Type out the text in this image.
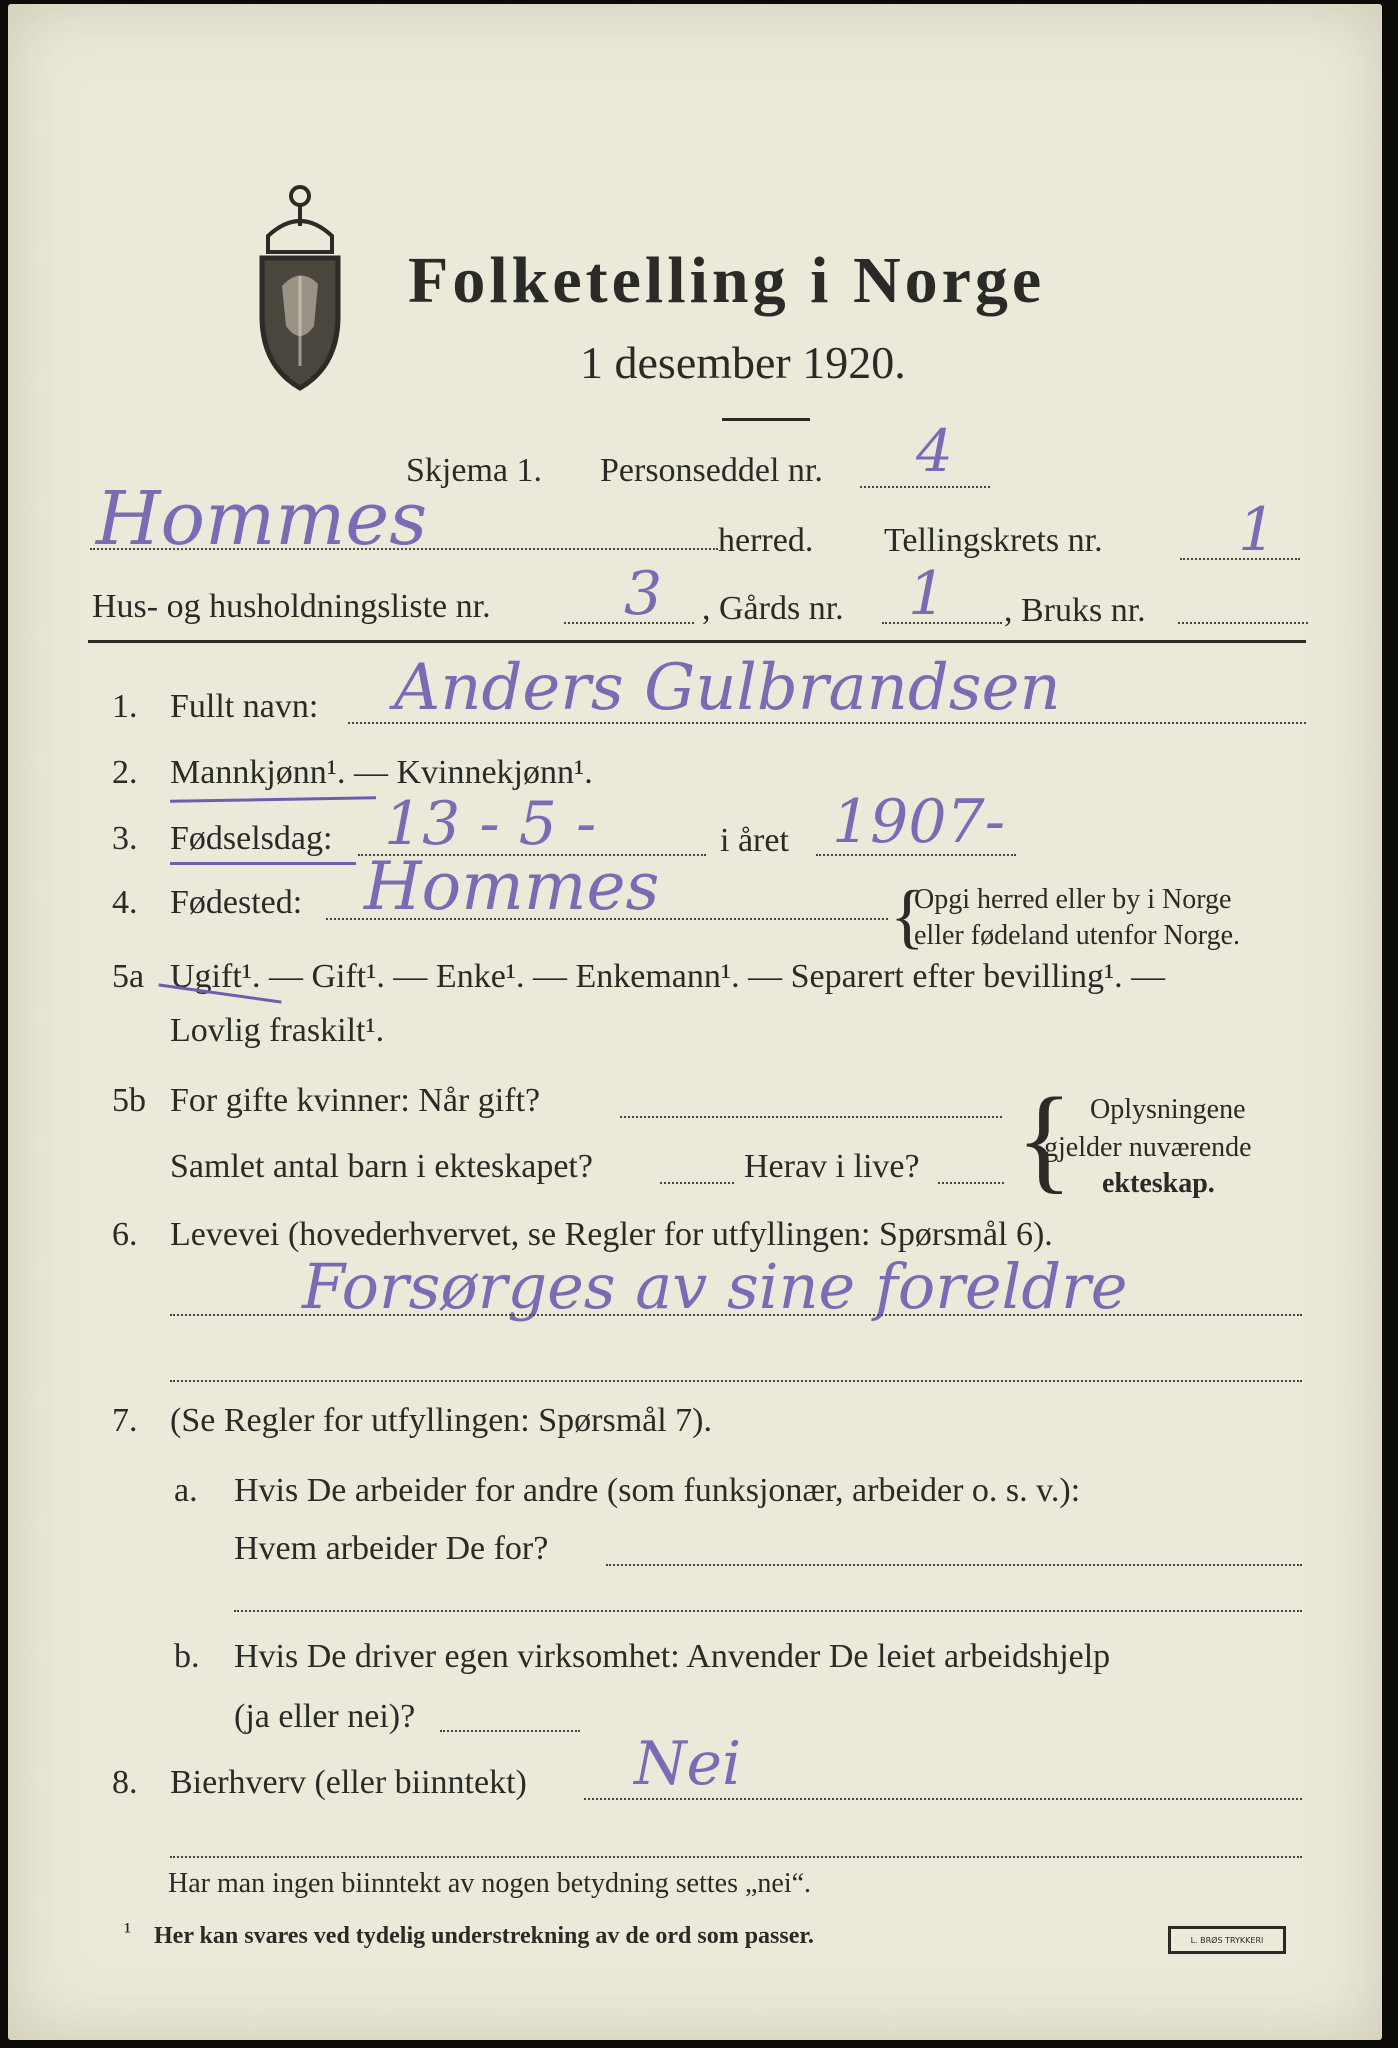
Folketelling i Norge
1 desember 1920.
Skjema 1. Personseddel nr. 4
Hommes	herred. Tellingskrets nr. 1
Hus- og husholdningsliste nr. 3 , Gårds nr. 1 , Bruks nr.
1. Fullt navn: Anders Gulbrandsen
2. Mannkjønn¹. — Kvinnekjønn¹.
3. Fødselsdag: 13 - 5 -	i året 1907-
4. Fødested: Hommes	{
Opgi herred eller by i Norge
eller fødeland utenfor Norge.
5a Ugift¹. — Gift¹. — Enke¹. — Enkemann¹. — Separert efter bevilling¹. —
Lovlig fraskilt¹.
5b For gifte kvinner: Når gift?
Samlet antal barn i ekteskapet?	Herav i live? { Oplysningene
gjelder nuværende
ekteskap.
6. Levevei (hovederhvervet, se Regler for utfyllingen: Spørsmål 6).
Forsørges av sine foreldre
7. (Se Regler for utfyllingen: Spørsmål 7).
a. Hvis De arbeider for andre (som funksjonær, arbeider o. s. v.):
Hvem arbeider De for?
b. Hvis De driver egen virksomhet: Anvender De leiet arbeidshjelp
(ja eller nei)?
8. Bierhverv (eller biinntekt) Nei
Har man ingen biinntekt av nogen betydning settes „nei“.
¹ Her kan svares ved tydelig understrekning av de ord som passer.	L. BRØS TRYKKERI
